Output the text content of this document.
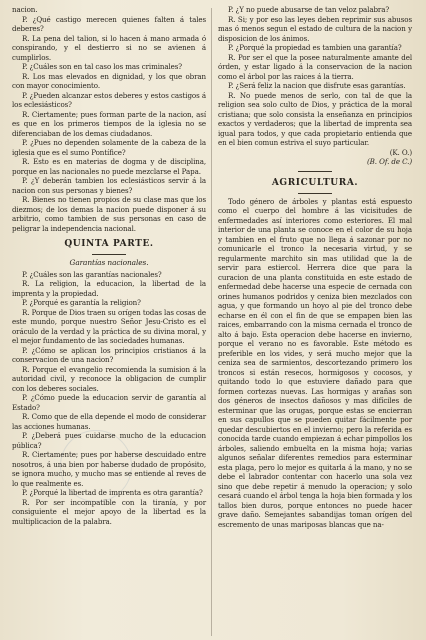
nacion.

P. ¿Qué castigo merecen quienes falten á tales deberes?

R. La pena del talion, si lo hacen á mano armada ó conspirando, y el destierro si no se avienen á cumplirlos.

P. ¿Cuáles son en tal caso los mas criminales?

R. Los mas elevados en dignidad, y los que obran con mayor conocimiento.

P. ¿Pueden alcanzar estos deberes y estos castigos á los eclesiásticos?

R. Ciertamente; pues forman parte de la nacion, así es que en los primeros tiempos de la iglesia no se diferenciaban de los demas ciudadanos.

P. ¿Pues no dependen solamente de la cabeza de la iglesia que es el sumo Pontífice?

R. Esto es en materias de dogma y de disciplina, porque en las nacionales no puede mezclarse el Papa.

P. ¿Y deberán tambien los eclesiásticos servir á la nacion con sus personas y bienes?

R. Bienes no tienen propios de su clase mas que los diezmos; de los demas la nacion puede disponer á su arbitrio, como tambien de sus personas en caso de peligrar la independencia nacional.

QUINTA PARTE.

Garantías nacionales.

P. ¿Cuáles son las garantías nacionales?

R. La religion, la educacion, la libertad de la imprenta y la propiedad.

P. ¿Porqué es garantía la religion?

R. Porque de Dios traen su orígen todas las cosas de este mundo, porque nuestro Señor Jesu-Cristo es el oráculo de la verdad y la práctica de su divina moral, y el mejor fundamento de las sociedades humanas.

P. ¿Cómo se aplican los principios cristianos á la conservacion de una nacion?

R. Porque el evangelio recomienda la sumision á la autoridad civil, y reconoce la obligacion de cumplir con los deberes sociales.

P. ¿Cómo puede la educacion servir de garantía al Estado?

R. Como que de ella depende el modo de considerar las acciones humanas.

P. ¿Deberá pues cuidarse mucho de la educacion pública?

R. Ciertamente; pues por haberse descuidado entre nosotros, á una bien por haberse dudado de propósito, se ignora mucho, y mucho mas se entiende al reves de lo que realmente es.

P. ¿Porqué la libertad de imprenta es otra garantía?

R. Por ser incompatible con la tiranía, y por consiguiente el mejor apoyo de la libertad es la multiplicacion de la palabra.

P. ¿Y no puede abusarse de tan veloz palabra?

R. Si; y por eso las leyes deben reprimir sus abusos mas ó menos segun el estado de cultura de la nacion y disposicion de los ánimos.

P. ¿Porqué la propiedad es tambien una garantía?

R. Por ser el que la posee naturalmente amante del órden, y estar ligado á la conservacion de la nacion como el árbol por las raices á la tierra.

P. ¿Será feliz la nacion que disfrute esas garantías.

R. No puede menos de serlo, con tal de que la religion sea solo culto de Dios, y práctica de la moral cristiana; que solo consista la enseñanza en principios exactos y verdaderos; que la libertad de imprenta sea igual para todos, y que cada propietario entienda que en el bien comun estriva el suyo particular.

(K. O.)

(B. Of. de C.)

AGRICULTURA.

Todo género de árboles y plantas está espuesto como el cuerpo del hombre á las vicisitudes de enfermedades así interiores como esteriores. El mal interior de una planta se conoce en el color de su hoja y tambien en el fruto que no llega á sazonar por no comunicarle el tronco la necesaria virtud, y se regularmente marchito sin mas utilidad que la de servir para estiercol. Herrera dice que para la curacion de una planta constituida en este estado de enfermedad debe hacerse una especie de cernada con orines humanos podridos y ceniza bien mezclados con agua, y que formando un hoyo al pie del tronco debe echarse en él con el fin de que se empapen bien las raices, embarrando con la misma cernada el tronco de alto á bajo. Esta operacion debe hacerse en invierno, porque el verano no es favorable. Este método es preferible en los vides, y será mucho mejor que la ceniza sea de sarmientos, descortezando primero los troncos si están resecos, hormigosos y cocosos, y quitando todo lo que estuviere dañado para que formen cortezas nuevas. Las hormigas y arañas son dos géneros de insectos dañosos y mas difíciles de esterminar que las orugas, porque estas se encierran en sus capullos que se pueden quitar fácilmente por quedar descubiertos en el invierno; pero la referida es conocida tarde cuando empiezan á echar pimpollos los árboles, saliendo embuelta en la misma hoja; varias algunos señalar diferentes remedios para esterminar esta plaga, pero lo mejor es quitarla á la mano, y no se debe el labrador contentar con hacerlo una sola vez sino que debe repetir á menudo la operacion; y solo cesará cuando el árbol tenga la hoja bien formada y los tallos bien duros, porque entonces no puede hacer grave daño. Semejantes sabandijas toman orígen del escremento de unas mariposas blancas que na-
